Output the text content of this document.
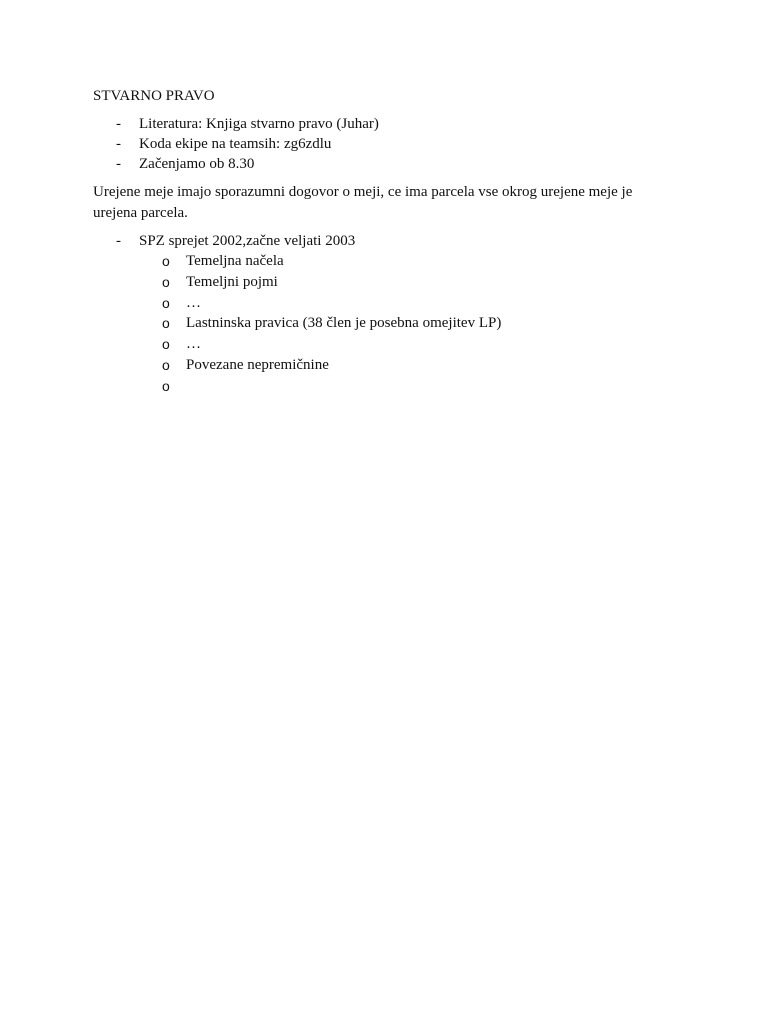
STVARNO PRAVO
- Literatura: Knjiga stvarno pravo (Juhar)
- Koda ekipe na teamsih: zg6zdlu
- Začenjamo ob 8.30
Urejene meje imajo sporazumni dogovor o meji, ce ima parcela vse okrog urejene meje je urejena parcela.
- SPZ sprejet 2002,začne veljati 2003
o Temeljna načela
o Temeljni pojmi
o …
o Lastninska pravica (38 člen je posebna omejitev LP)
o …
o Povezane nepremičnine
o
